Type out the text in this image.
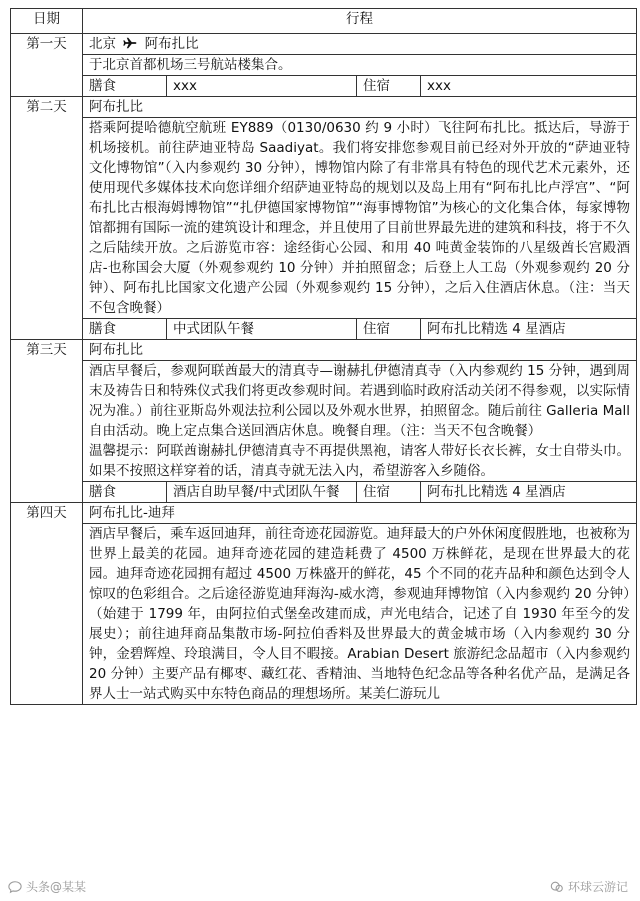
日期	行程			
第一天	北京 阿布扎比			
	于北京首都机场三号航站楼集合。			
	膳食	xxx	住宿	xxx
第二天	阿布扎比			
	搭乘阿提哈德航空航班 EY889（0130/0630 约 9 小时）飞往阿布扎比。抵达后，导游于机场接机。前往萨迪亚特岛 Saadiyat。我们将安排您参观目前已经对外开放的“萨迪亚特文化博物馆”（入内参观约 30 分钟），博物馆内除了有非常具有特色的现代艺术元素外，还使用现代多媒体技术向您详细介绍萨迪亚特岛的规划以及岛上用有“阿布扎比卢浮宫”、“阿布扎比古根海姆博物馆”“扎伊德国家博物馆”“海事博物馆”为核心的文化集合体，每家博物馆都拥有国际一流的建筑设计和理念，并且使用了目前世界最先进的建筑和科技，将于不久之后陆续开放。之后游览市容：途经街心公园、和用 40 吨黄金装饰的八星级酋长宫殿酒店-也称国会大厦（外观参观约 10 分钟）并拍照留念；后登上人工岛（外观参观约 20 分钟）、阿布扎比国家文化遗产公园（外观参观约 15 分钟），之后入住酒店休息。（注：当天不包含晚餐）			
	膳食	中式团队午餐	住宿	阿布扎比精选 4 星酒店
第三天	阿布扎比			

	酒店早餐后，参观阿联酋最大的清真寺—谢赫扎伊德清真寺（入内参观约 15 分钟，遇到周末及祷告日和特殊仪式我们将更改参观时间。若遇到临时政府活动关闭不得参观，以实际情况为准。）前往亚斯岛外观法拉利公园以及外观水世界，拍照留念。随后前往 Galleria Mall 自由活动。晚上定点集合送回酒店休息。晚餐自理。（注：当天不包含晚餐）
温馨提示：阿联酋谢赫扎伊德清真寺不再提供黑袍，请客人带好长衣长裤，女士自带头巾。如果不按照这样穿着的话，清真寺就无法入内，希望游客入乡随俗。			

	膳食	酒店自助早餐/中式团队午餐	住宿	阿布扎比精选 4 星酒店
第四天	阿布扎比-迪拜			
	酒店早餐后，乘车返回迪拜，前往奇迹花园游览。迪拜最大的户外休闲度假胜地，也被称为世界上最美的花园。迪拜奇迹花园的建造耗费了 4500 万株鲜花，是现在世界最大的花园。迪拜奇迹花园拥有超过 4500 万株盛开的鲜花，45 个不同的花卉品种和颜色达到令人惊叹的色彩组合。之后途径游览迪拜海沟-威水湾，参观迪拜博物馆（入内参观约 20 分钟）（始建于 1799 年，由阿拉伯式堡垒改建而成，声光电结合，记述了自 1930 年至今的发展史）；前往迪拜商品集散市场-阿拉伯香料及世界最大的黄金城市场（入内参观约 30 分钟，金碧辉煌、玲琅满目，令人目不暇接。Arabian Desert 旅游纪念品超市（入内参观约 20 分钟）主要产品有椰枣、藏红花、香精油、当地特色纪念品等各种名优产品，是满足各界人士一站式购买中东特色商品的理想场所。某美仁游玩儿			
头条@某某	环球云游记
